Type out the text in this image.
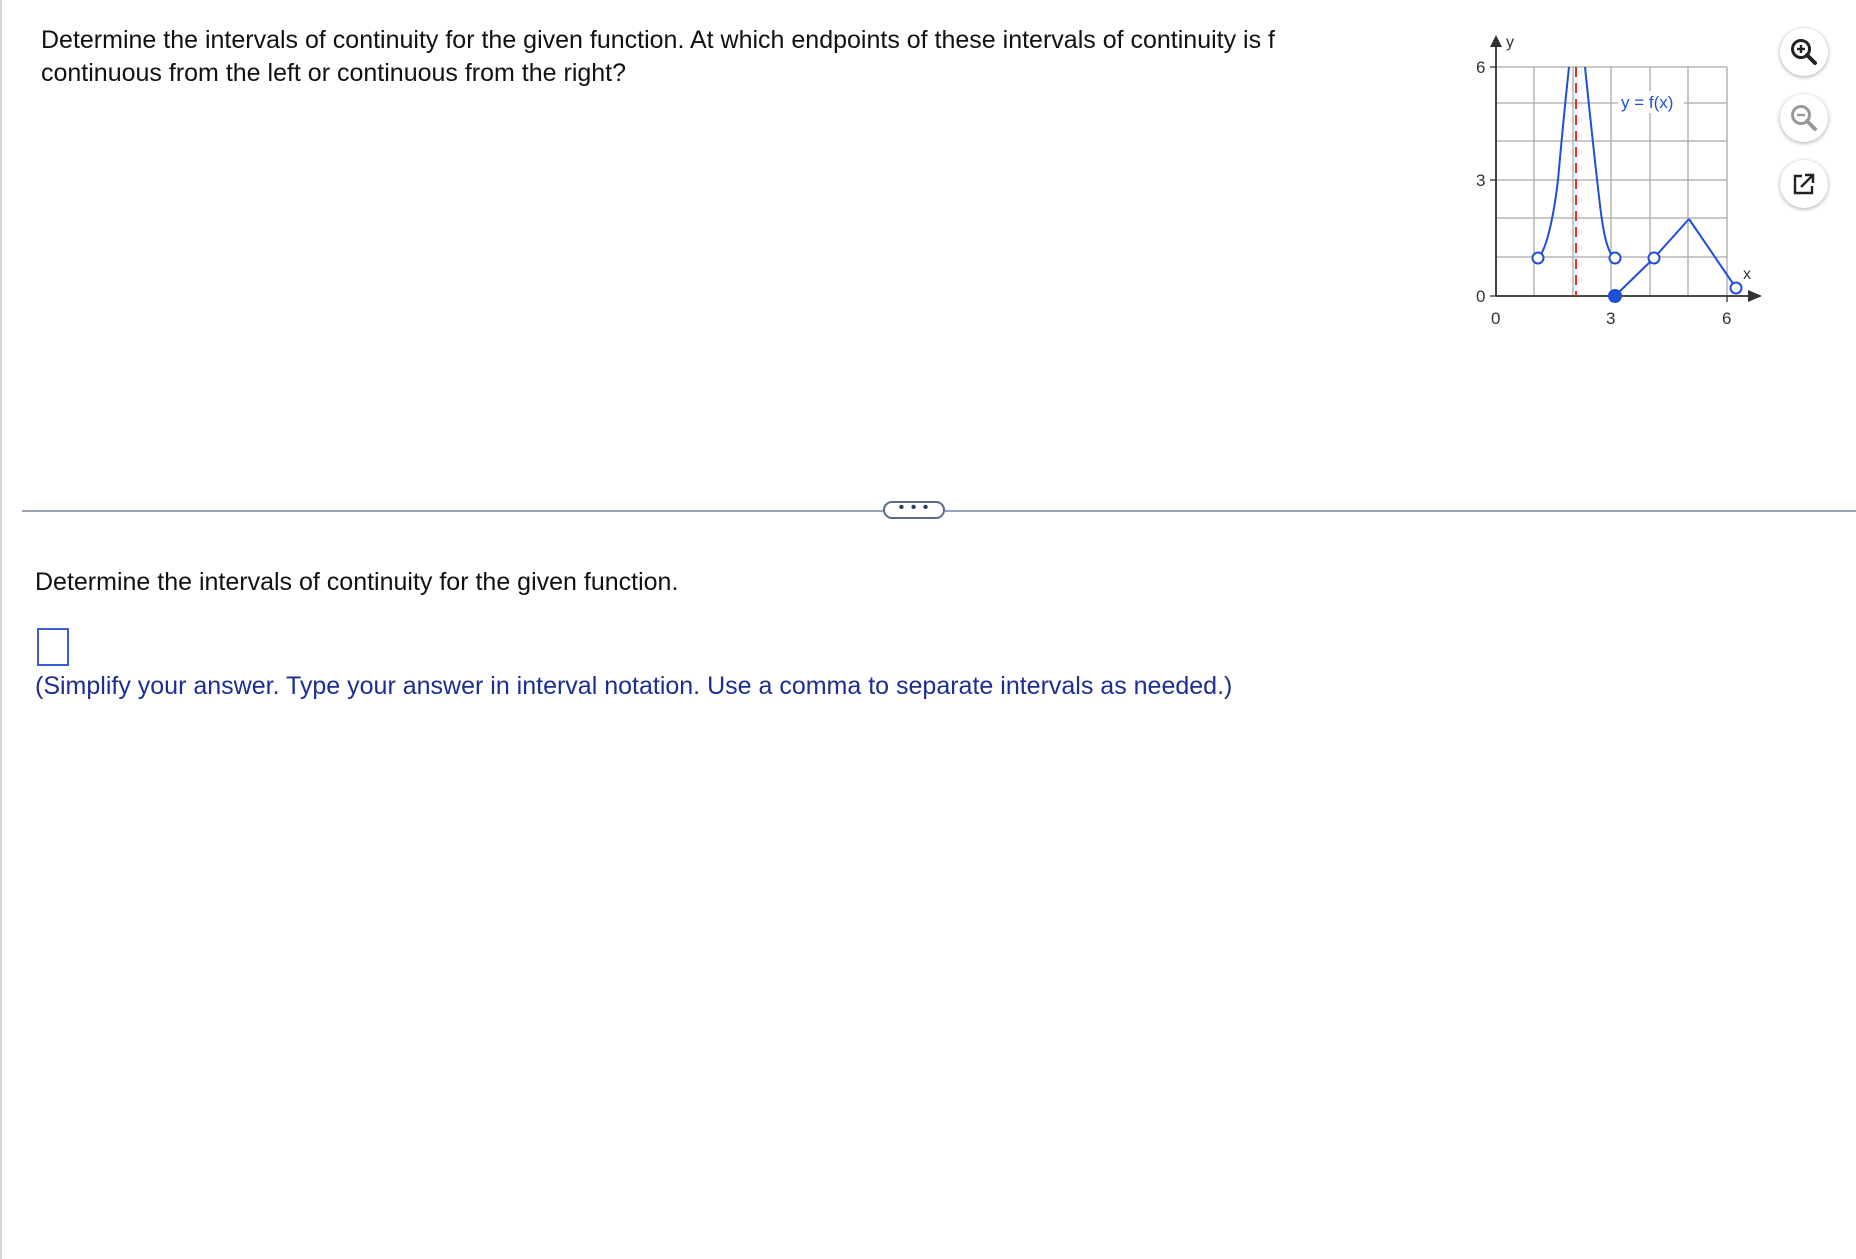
Determine the intervals of continuity for the given function. At which endpoints of these intervals of continuity is f
continuous from the left or continuous from the right?
y
x
6
3
0
0	3	6
y = f(x)
• • •
Determine the intervals of continuity for the given function.
(Simplify your answer. Type your answer in interval notation. Use a comma to separate intervals as needed.)
